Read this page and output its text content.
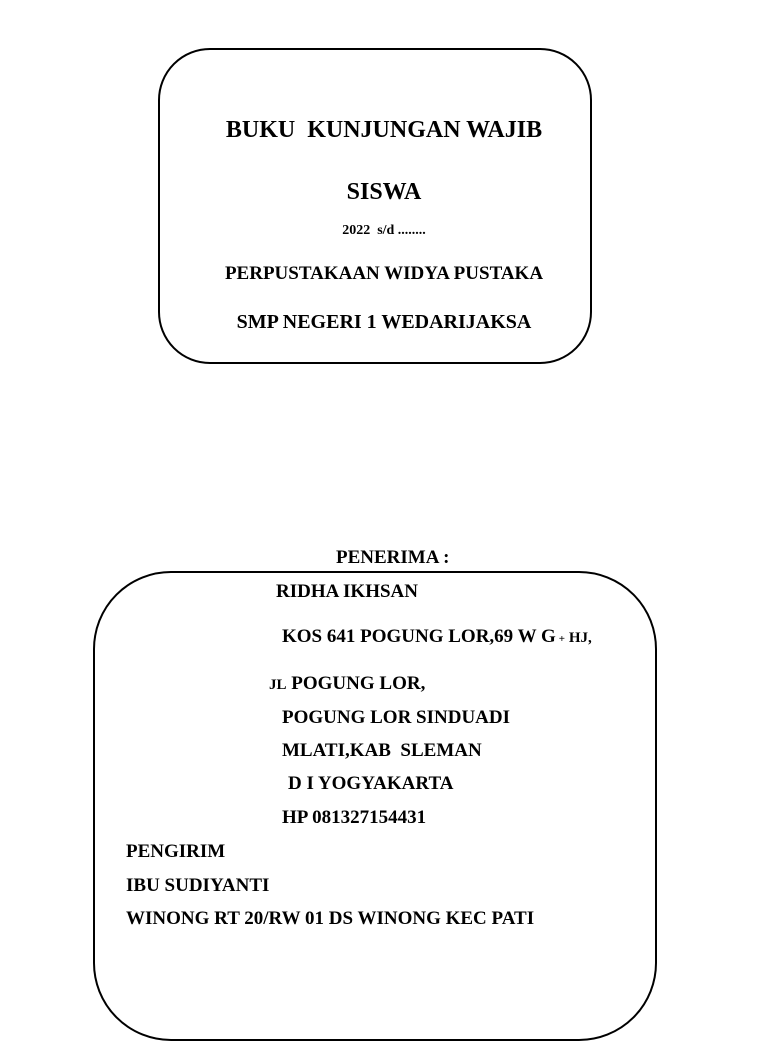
BUKU  KUNJUNGAN WAJIB
SISWA
2022  s/d ........
PERPUSTAKAAN WIDYA PUSTAKA
SMP NEGERI 1 WEDARIJAKSA
PENERIMA :
RIDHA IKHSAN
KOS 641 POGUNG LOR,69 W G + HJ,
JL POGUNG LOR,
POGUNG LOR SINDUADI
MLATI,KAB  SLEMAN
D I YOGYAKARTA
HP 081327154431
PENGIRIM
IBU SUDIYANTI
WINONG RT 20/RW 01 DS WINONG KEC PATI
